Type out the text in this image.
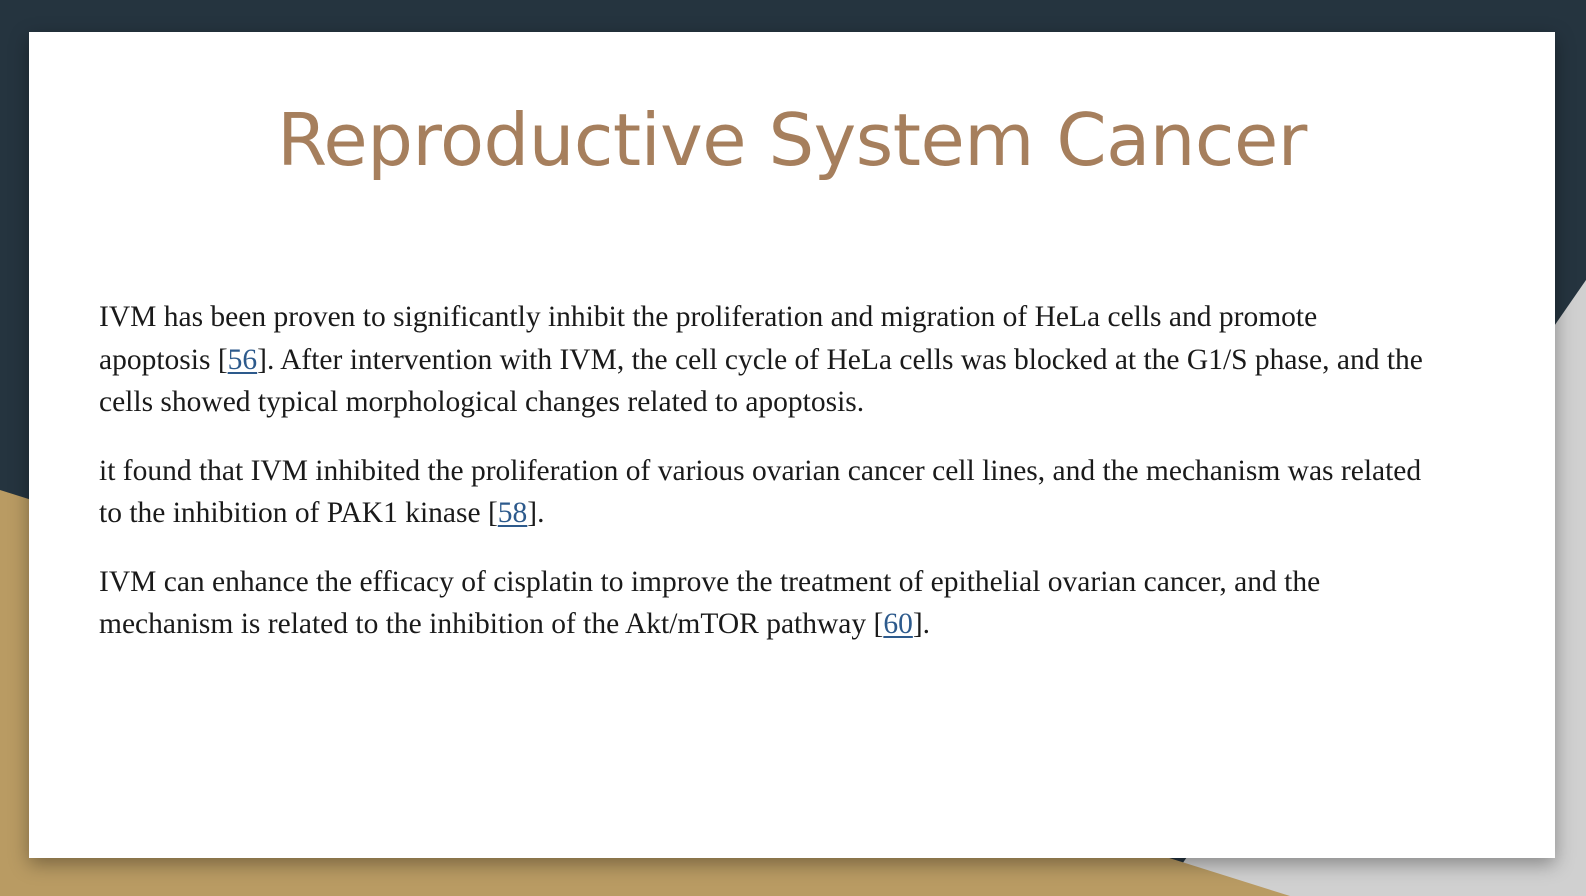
Reproductive System Cancer

IVM has been proven to significantly inhibit the proliferation and migration of HeLa cells and promote apoptosis [56]. After intervention with IVM, the cell cycle of HeLa cells was blocked at the G1/S phase, and the cells showed typical morphological changes related to apoptosis.

it found that IVM inhibited the proliferation of various ovarian cancer cell lines, and the mechanism was related to the inhibition of PAK1 kinase [58].

IVM can enhance the efficacy of cisplatin to improve the treatment of epithelial ovarian cancer, and the mechanism is related to the inhibition of the Akt/mTOR pathway [60].
